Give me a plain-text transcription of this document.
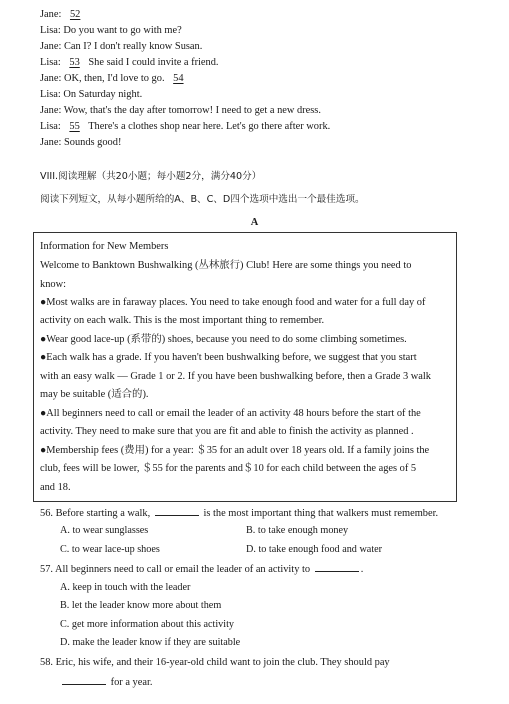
Jane: 52
Lisa: Do you want to go with me?
Jane: Can I? I don't really know Susan.
Lisa: 53 She said I could invite a friend.
Jane: OK, then, I'd love to go. 54
Lisa: On Saturday night.
Jane: Wow, that's the day after tomorrow! I need to get a new dress.
Lisa: 55 There's a clothes shop near here. Let's go there after work.
Jane: Sounds good!
VIII.阅读理解（共20小题；每小题2分，满分40分）
阅读下列短文，从每小题所给的A、B、C、D四个选项中选出一个最佳选项。
A
Information for New Members
Welcome to Banktown Bushwalking (丛林旅行) Club! Here are some things you need to
know:
●Most walks are in faraway places. You need to take enough food and water for a full day of
activity on each walk. This is the most important thing to remember.
●Wear good lace-up (系带的) shoes, because you need to do some climbing sometimes.
●Each walk has a grade. If you haven't been bushwalking before, we suggest that you start
with an easy walk — Grade 1 or 2. If you have been bushwalking before, then a Grade 3 walk
may be suitable (适合的).
●All beginners need to call or email the leader of an activity 48 hours before the start of the
activity. They need to make sure that you are fit and able to finish the activity as planned .
●Membership fees (费用) for a year: ＄35 for an adult over 18 years old. If a family joins the
club, fees will be lower, ＄55 for the parents and＄10 for each child between the ages of 5
and 18.
56. Before starting a walk,	is the most important thing that walkers must remember.
A. to wear sunglasses	B. to take enough money
C. to wear lace-up shoes	D. to take enough food and water
57. All beginners need to call or email the leader of an activity to	.
A. keep in touch with the leader
B. let the leader know more about them
C. get more information about this activity
D. make the leader know if they are suitable
58. Eric, his wife, and their 16-year-old child want to join the club. They should pay
for a year.
